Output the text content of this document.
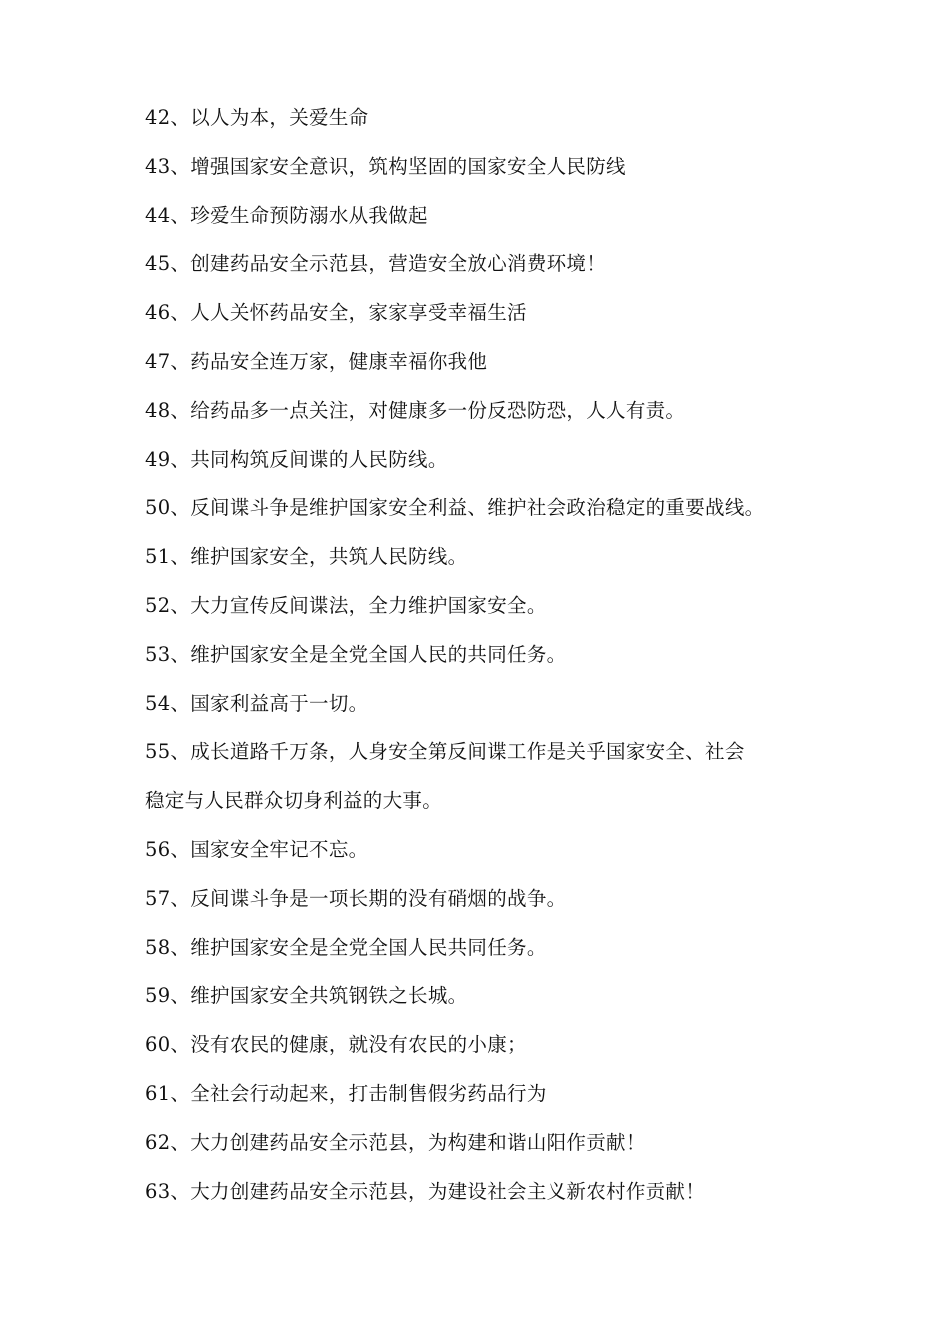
42、以人为本，关爱生命
43、增强国家安全意识，筑构坚固的国家安全人民防线
44、珍爱生命预防溺水从我做起
45、创建药品安全示范县，营造安全放心消费环境！
46、人人关怀药品安全，家家享受幸福生活
47、药品安全连万家，健康幸福你我他
48、给药品多一点关注，对健康多一份反恐防恐，人人有责。
49、共同构筑反间谍的人民防线。
50、反间谍斗争是维护国家安全利益、维护社会政治稳定的重要战线。
51、维护国家安全，共筑人民防线。
52、大力宣传反间谍法，全力维护国家安全。
53、维护国家安全是全党全国人民的共同任务。
54、国家利益高于一切。
55、成长道路千万条，人身安全第反间谍工作是关乎国家安全、社会
稳定与人民群众切身利益的大事。
56、国家安全牢记不忘。
57、反间谍斗争是一项长期的没有硝烟的战争。
58、维护国家安全是全党全国人民共同任务。
59、维护国家安全共筑钢铁之长城。
60、没有农民的健康，就没有农民的小康；
61、全社会行动起来，打击制售假劣药品行为
62、大力创建药品安全示范县，为构建和谐山阳作贡献！
63、大力创建药品安全示范县，为建设社会主义新农村作贡献！
